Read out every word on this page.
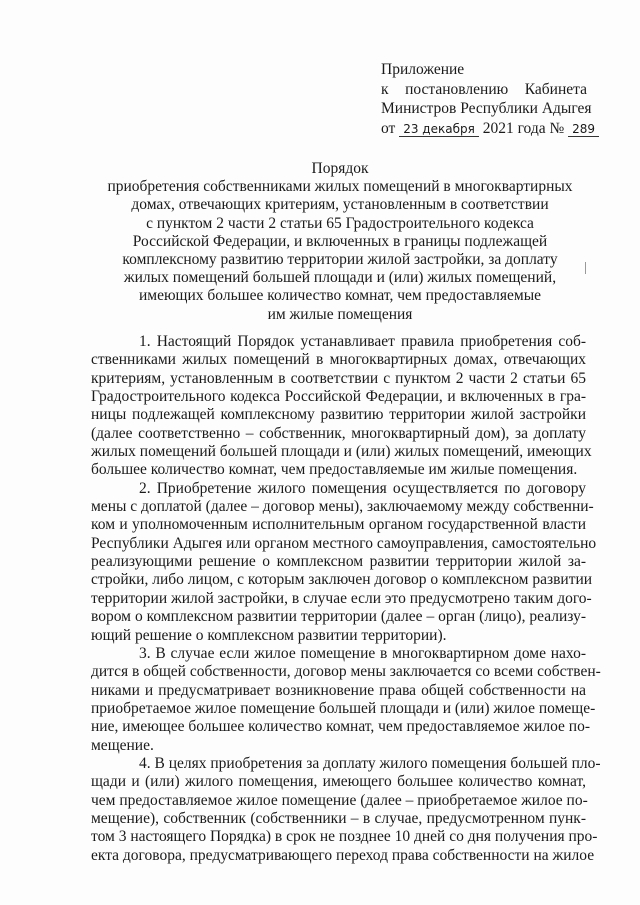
Приложение
к постановлению Кабинета
Министров Республики Адыгея
от 23 декабря 2021 года № 289
Порядок
приобретения собственниками жилых помещений в многоквартирных
домах, отвечающих критериям, установленным в соответствии
с пунктом 2 части 2 статьи 65 Градостроительного кодекса
Российской Федерации, и включенных в границы подлежащей
комплексному развитию территории жилой застройки, за доплату
жилых помещений большей площади и (или) жилых помещений,
имеющих большее количество комнат, чем предоставляемые
им жилые помещения
1. Настоящий Порядок устанавливает правила приобретения соб-
ственниками жилых помещений в многоквартирных домах, отвечающих
критериям, установленным в соответствии с пунктом 2 части 2 статьи 65
Градостроительного кодекса Российской Федерации, и включенных в гра-
ницы подлежащей комплексному развитию территории жилой застройки
(далее соответственно – собственник, многоквартирный дом), за доплату
жилых помещений большей площади и (или) жилых помещений, имеющих
большее количество комнат, чем предоставляемые им жилые помещения.
2. Приобретение жилого помещения осуществляется по договору
мены с доплатой (далее – договор мены), заключаемому между собственни-
ком и уполномоченным исполнительным органом государственной власти
Республики Адыгея или органом местного самоуправления, самостоятельно
реализующими решение о комплексном развитии территории жилой за-
стройки, либо лицом, с которым заключен договор о комплексном развитии
территории жилой застройки, в случае если это предусмотрено таким дого-
вором о комплексном развитии территории (далее – орган (лицо), реализу-
ющий решение о комплексном развитии территории).
3. В случае если жилое помещение в многоквартирном доме нахо-
дится в общей собственности, договор мены заключается со всеми собствен-
никами и предусматривает возникновение права общей собственности на
приобретаемое жилое помещение большей площади и (или) жилое помеще-
ние, имеющее большее количество комнат, чем предоставляемое жилое по-
мещение.
4. В целях приобретения за доплату жилого помещения большей пло-
щади и (или) жилого помещения, имеющего большее количество комнат,
чем предоставляемое жилое помещение (далее – приобретаемое жилое по-
мещение), собственник (собственники – в случае, предусмотренном пунк-
том 3 настоящего Порядка) в срок не позднее 10 дней со дня получения про-
екта договора, предусматривающего переход права собственности на жилое
